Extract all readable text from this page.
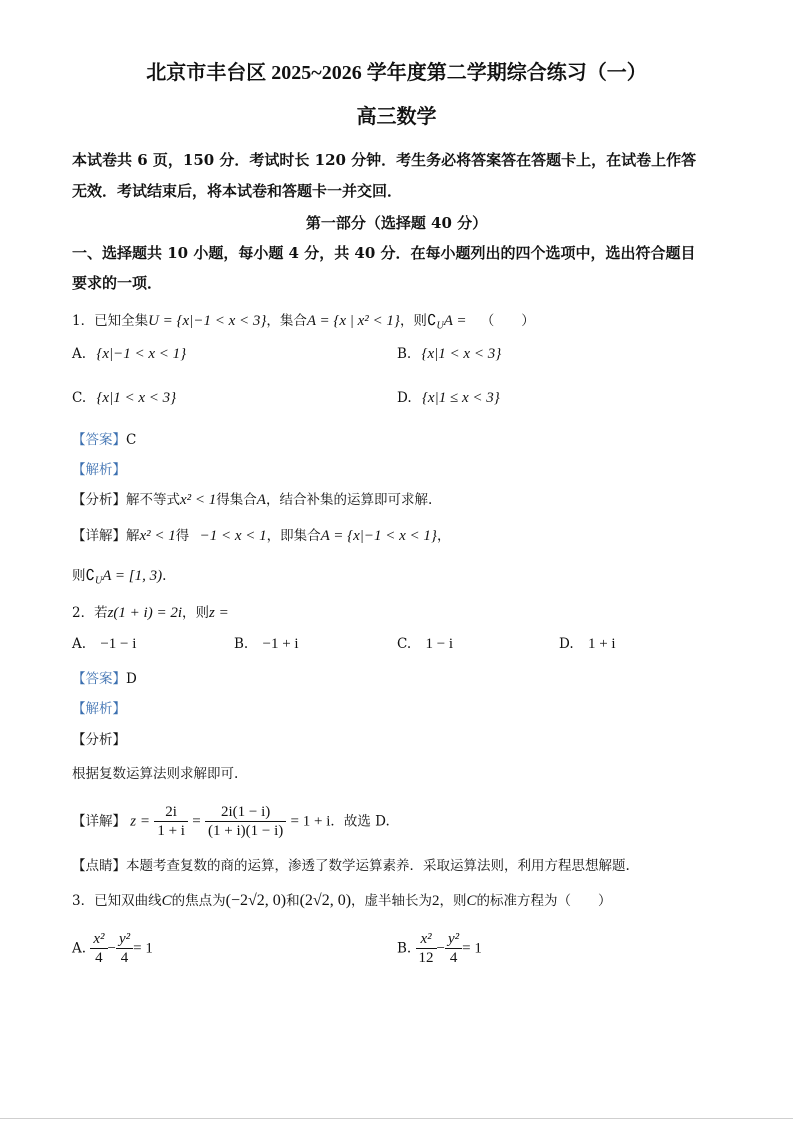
北京市丰台区 2025~2026 学年度第二学期综合练习（一）
高三数学
本试卷共 6 页，150 分．考试时长 120 分钟．考生务必将答案答在答题卡上，在试卷上作答
无效．考试结束后，将本试卷和答题卡一并交回．
第一部分（选择题 40 分）
一、选择题共 10 小题，每小题 4 分，共 40 分．在每小题列出的四个选项中，选出符合题目
要求的一项．
1．已知全集U = {x|−1 < x < 3}，集合A = {x | x² < 1}，则$∁_UA$ = （　　）
A. {x|−1 < x < 1}	B. {x|1 < x < 3}
C. {x|1 < x < 3}	D. {x|1 ≤ x < 3}
【答案】C
【解析】
【分析】解不等式x² < 1得集合A，结合补集的运算即可求解.
【详解】解x² < 1得 −1 < x < 1，即集合A = {x|−1 < x < 1}，
则$∁_UA = [1$, 3).
2．若z(1 + i) = 2i，则z =
A. −1 − i	B. −1 + i	C. 1 − i	D. 1 + i
【答案】D
【解析】
【分析】
根据复数运算法则求解即可.
【详解】 $z = \frac{2i}{1 + i} = \frac{2i(1 - i)}{(1 + i)(1 - i)} = 1 + i$．故选 D.
【点睛】本题考查复数的商的运算，渗透了数学运算素养．采取运算法则，利用方程思想解题.
3．已知双曲线C的焦点为(−2√2, 0)和(2√2, 0)，虚半轴长为2，则C的标准方程为（　　）
A. $\frac{\text{x²}}{4} - \frac{\text{y²}}{4} = 1$	B. $\frac{\text{x²}}{12} - \frac{\text{y²}}{4} = 1$
